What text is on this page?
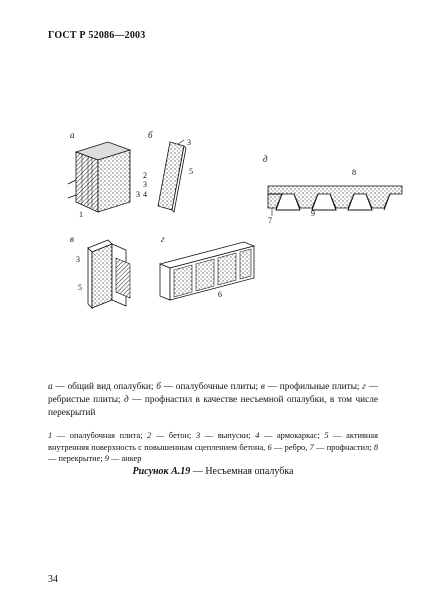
ГОСТ Р 52086—2003
а	б
д
в	г
2
3
3 4
1
3
5	8
9
7
3
5
6
а — общий вид опалубки; б — опалубочные плиты; в — профильные плиты; г — ребристые плиты; д — профнастил в качестве несъемной опалубки, в том числе перекрытий
1 — опалубочная плита; 2 — бетон; 3 — выпуски; 4 — армокаркас; 5 — активная внутренняя поверхность с повышенным сцеплением бетона, 6 — ребро, 7 — профнастил; 8 — перекрытие; 9 — анкер
Рисунок А.19 — Несъемная опалубка
34
